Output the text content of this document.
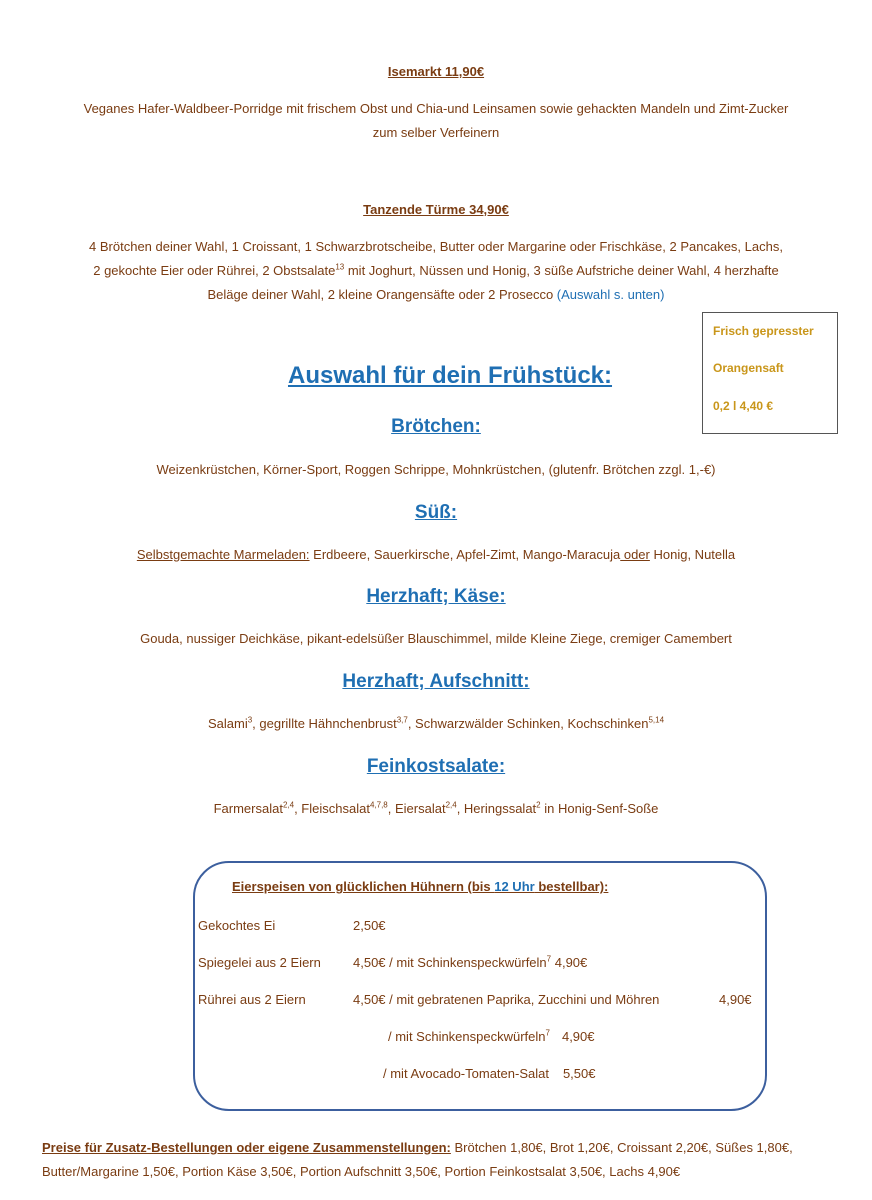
Isemarkt 11,90€
Veganes Hafer-Waldbeer-Porridge mit frischem Obst und Chia-und Leinsamen sowie gehackten Mandeln und Zimt-Zucker
zum selber Verfeinern
Tanzende Türme 34,90€
4 Brötchen deiner Wahl, 1 Croissant, 1 Schwarzbrotscheibe, Butter oder Margarine oder Frischkäse, 2 Pancakes, Lachs,
2 gekochte Eier oder Rührei, 2 Obstsalate$^{13}$ mit Joghurt, Nüssen und Honig, 3 süße Aufstriche deiner Wahl, 4 herzhafte
Beläge deiner Wahl, 2 kleine Orangensäfte oder 2 Prosecco (Auswahl s. unten)
Frisch gepresster
Orangensaft
0,2 l 4,40 €
Auswahl für dein Frühstück:
Brötchen:
Weizenkrüstchen, Körner-Sport, Roggen Schrippe, Mohnkrüstchen, (glutenfr. Brötchen zzgl. 1,-€)
Süß:
Selbstgemachte Marmeladen: Erdbeere, Sauerkirsche, Apfel-Zimt, Mango-Maracuja oder Honig, Nutella
Herzhaft; Käse:
Gouda, nussiger Deichkäse, pikant-edelsüßer Blauschimmel, milde Kleine Ziege, cremiger Camembert
Herzhaft; Aufschnitt:
Salami$^3$, gegrillte Hähnchenbrust$^{3,7}$, Schwarzwälder Schinken, Kochschinken$^{5,14}$
Feinkostsalate:
Farmersalat$^{2,4}$, Fleischsalat$^{4,7,8}$, Eiersalat$^{2,4}$, Heringssalat$^2$ in Honig-Senf-Soße
Eierspeisen von glücklichen Hühnern (bis 12 Uhr bestellbar):
Gekochtes Ei	2,50€
Spiegelei aus 2 Eiern 4,50€ / mit Schinkenspeckwürfeln$^7$ 4,90€
Rührei aus 2 Eiern	4,50€ / mit gebratenen Paprika, Zucchini und Möhren	4,90€
/ mit Schinkenspeckwürfeln$^7$ 4,90€
/ mit Avocado-Tomaten-Salat 5,50€
Preise für Zusatz-Bestellungen oder eigene Zusammenstellungen: Brötchen 1,80€, Brot 1,20€, Croissant 2,20€, Süßes 1,80€,
Butter/Margarine 1,50€, Portion Käse 3,50€, Portion Aufschnitt 3,50€, Portion Feinkostsalat 3,50€, Lachs 4,90€
